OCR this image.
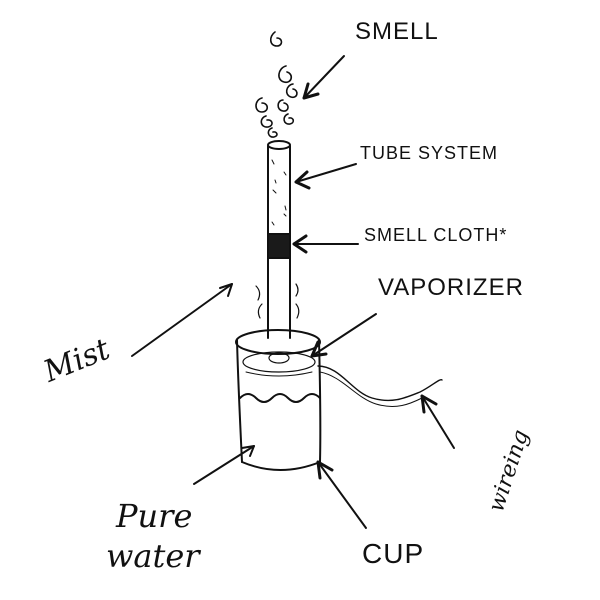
SMELL
TUBE SYSTEM
SMELL CLOTH*
VAPORIZER
Mist
wireing
Pure
water	CUP
